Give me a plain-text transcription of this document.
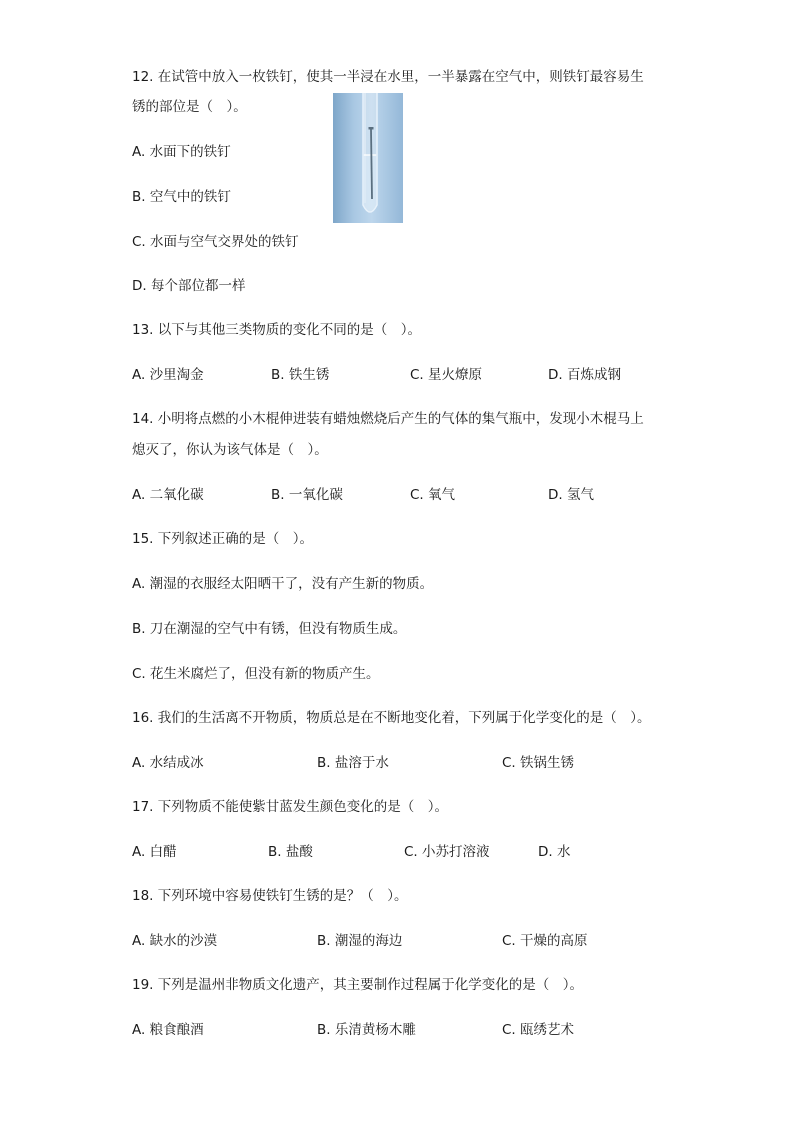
12. 在试管中放入一枚铁钉，使其一半浸在水里，一半暴露在空气中，则铁钉最容易生
锈的部位是（　）。
A. 水面下的铁钉
B. 空气中的铁钉
C. 水面与空气交界处的铁钉
D. 每个部位都一样
13. 以下与其他三类物质的变化不同的是（　）。
A. 沙里淘金	B. 铁生锈	C. 星火燎原	D. 百炼成钢
14. 小明将点燃的小木棍伸进装有蜡烛燃烧后产生的气体的集气瓶中，发现小木棍马上
熄灭了，你认为该气体是（　）。
A. 二氧化碳	B. 一氧化碳	C. 氧气	D. 氢气
15. 下列叙述正确的是（　）。
A. 潮湿的衣服经太阳晒干了，没有产生新的物质。
B. 刀在潮湿的空气中有锈，但没有物质生成。
C. 花生米腐烂了，但没有新的物质产生。
16. 我们的生活离不开物质，物质总是在不断地变化着，下列属于化学变化的是（　）。
A. 水结成冰	B. 盐溶于水	C. 铁锅生锈
17. 下列物质不能使紫甘蓝发生颜色变化的是（　）。
A. 白醋	B. 盐酸	C. 小苏打溶液	D. 水
18. 下列环境中容易使铁钉生锈的是？（　）。
A. 缺水的沙漠	B. 潮湿的海边	C. 干燥的高原
19. 下列是温州非物质文化遗产，其主要制作过程属于化学变化的是（　）。
A. 粮食酿酒	B. 乐清黄杨木雕	C. 瓯绣艺术
